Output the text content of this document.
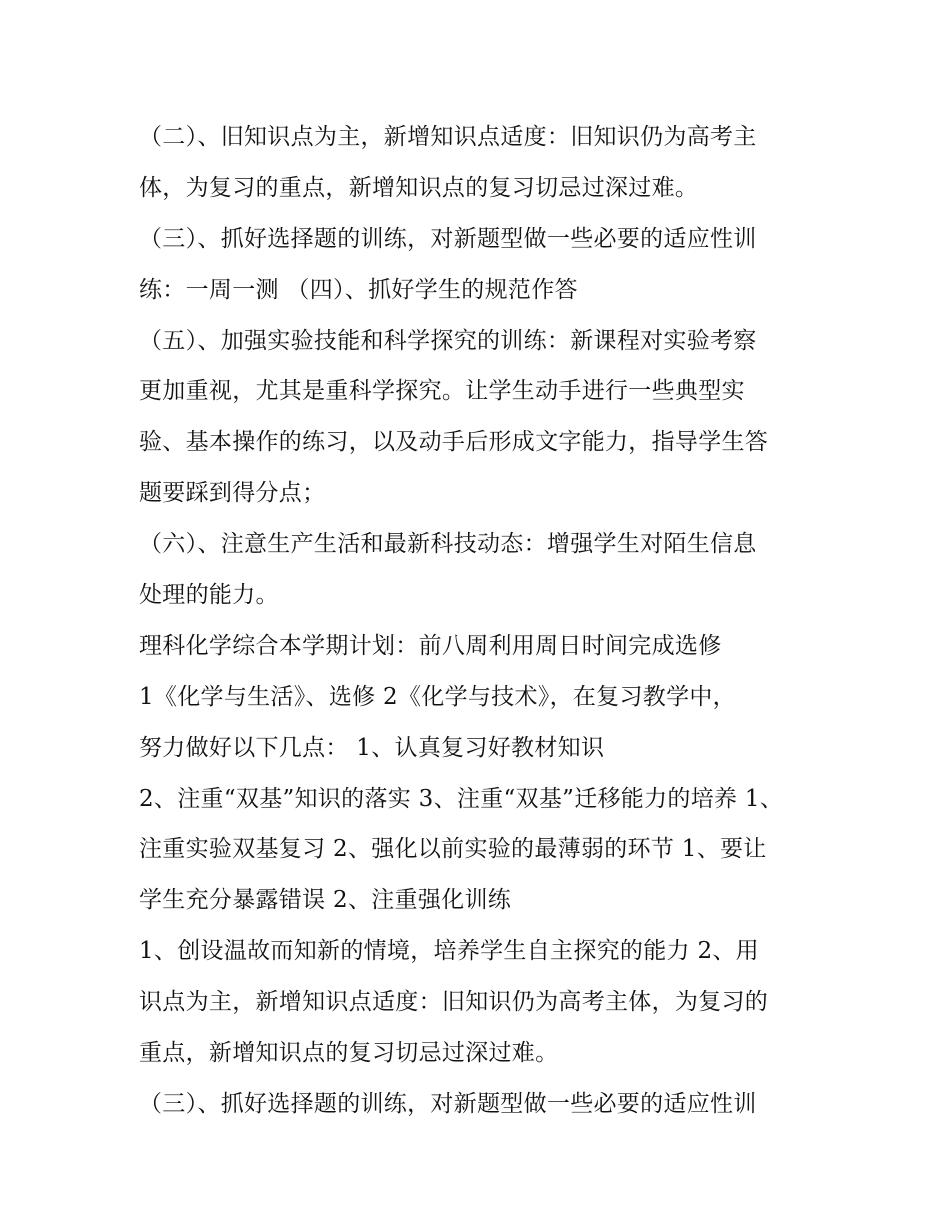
（二）、旧知识点为主，新增知识点适度：旧知识仍为高考主
体，为复习的重点，新增知识点的复习切忌过深过难。
（三）、抓好选择题的训练，对新题型做一些必要的适应性训
练：一周一测 （四）、抓好学生的规范作答
（五）、加强实验技能和科学探究的训练：新课程对实验考察
更加重视，尤其是重科学探究。让学生动手进行一些典型实
验、基本操作的练习，以及动手后形成文字能力，指导学生答
题要踩到得分点；
（六）、注意生产生活和最新科技动态：增强学生对陌生信息
处理的能力。
理科化学综合本学期计划：前八周利用周日时间完成选修
1《化学与生活》、选修 2《化学与技术》，在复习教学中，
努力做好以下几点： 1、认真复习好教材知识
2、注重“双基”知识的落实 3、注重“双基”迁移能力的培养 1、
注重实验双基复习 2、强化以前实验的最薄弱的环节 1、要让
学生充分暴露错误 2、注重强化训练
1、创设温故而知新的情境，培养学生自主探究的能力 2、用
识点为主，新增知识点适度：旧知识仍为高考主体，为复习的
重点，新增知识点的复习切忌过深过难。
（三）、抓好选择题的训练，对新题型做一些必要的适应性训
